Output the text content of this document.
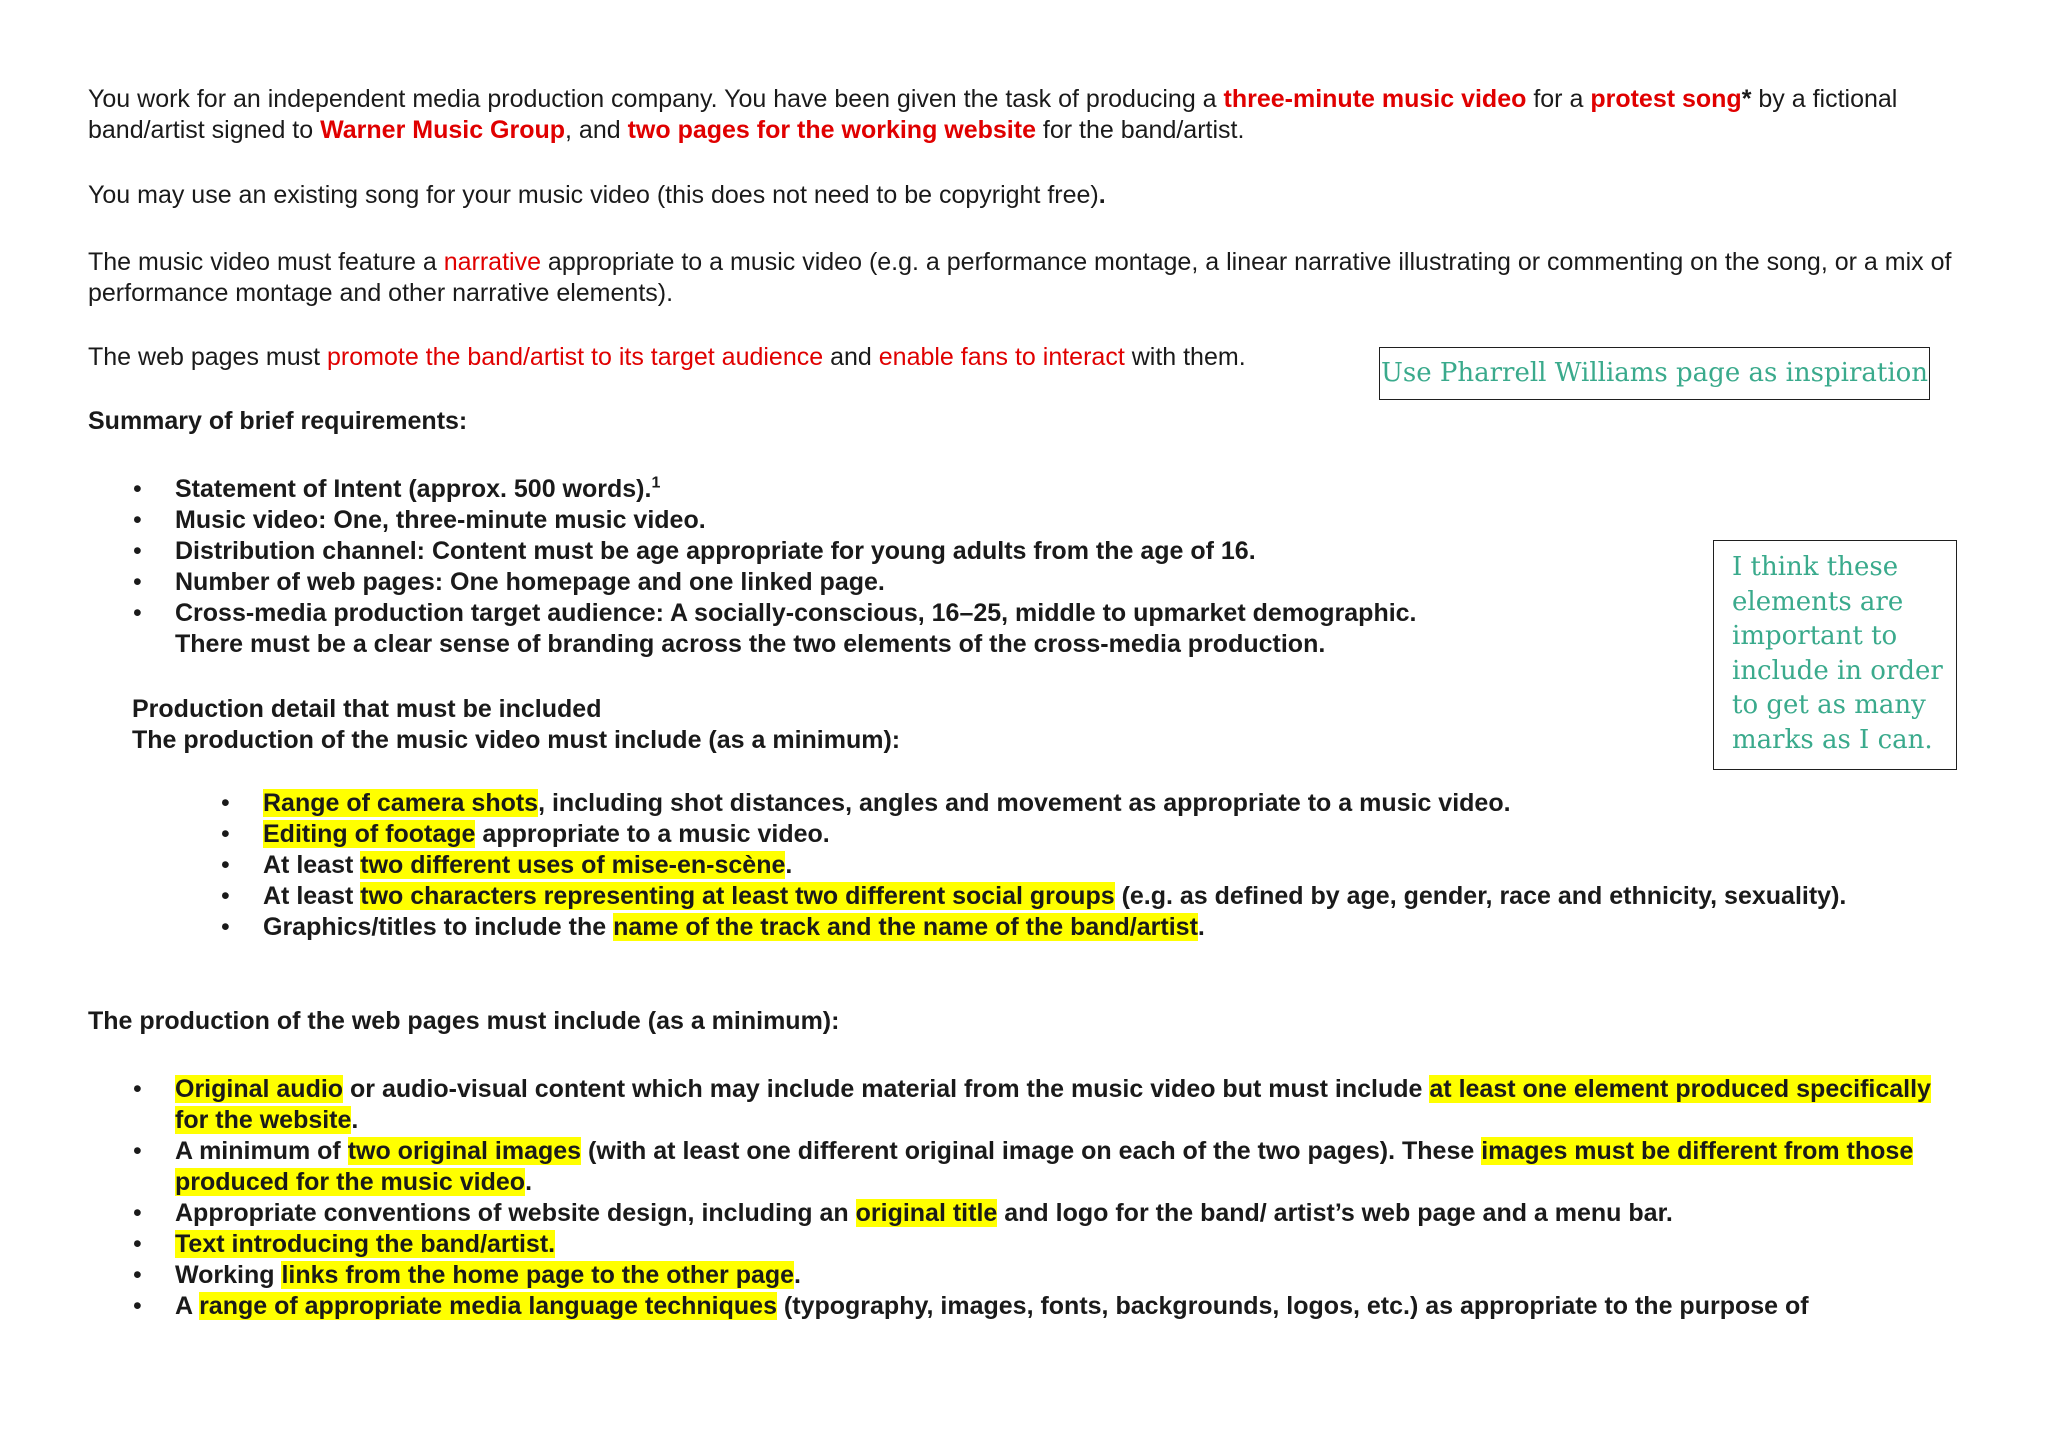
You work for an independent media production company. You have been given the task of producing a three-minute music video for a protest song* by a fictional band/artist signed to Warner Music Group, and two pages for the working website for the band/artist.

You may use an existing song for your music video (this does not need to be copyright free).

The music video must feature a narrative appropriate to a music video (e.g. a performance montage, a linear narrative illustrating or commenting on the song, or a mix of performance montage and other narrative elements).

The web pages must promote the band/artist to its target audience and enable fans to interact with them.

Use Pharrell Williams page as inspiration

Summary of brief requirements:

• Statement of Intent (approx. 500 words).$^1$
• Music video: One, three-minute music video.
• Distribution channel: Content must be age appropriate for young adults from the age of 16.
• Number of web pages: One homepage and one linked page.
• Cross-media production target audience: A socially-conscious, 16–25, middle to upmarket demographic.

There must be a clear sense of branding across the two elements of the cross-media production.

I think these elements are important to include in order to get as many marks as I can.

Production detail that must be included

The production of the music video must include (as a minimum):

• Range of camera shots, including shot distances, angles and movement as appropriate to a music video.
• Editing of footage appropriate to a music video.
• At least two different uses of mise-en-scène.
• At least two characters representing at least two different social groups (e.g. as defined by age, gender, race and ethnicity, sexuality).
• Graphics/titles to include the name of the track and the name of the band/artist.

The production of the web pages must include (as a minimum):

• Original audio or audio-visual content which may include material from the music video but must include at least one element produced specifically for the website.
• A minimum of two original images (with at least one different original image on each of the two pages). These images must be different from those produced for the music video.
• Appropriate conventions of website design, including an original title and logo for the band/ artist’s web page and a menu bar.
• Text introducing the band/artist.
• Working links from the home page to the other page.
• A range of appropriate media language techniques (typography, images, fonts, backgrounds, logos, etc.) as appropriate to the purpose of
